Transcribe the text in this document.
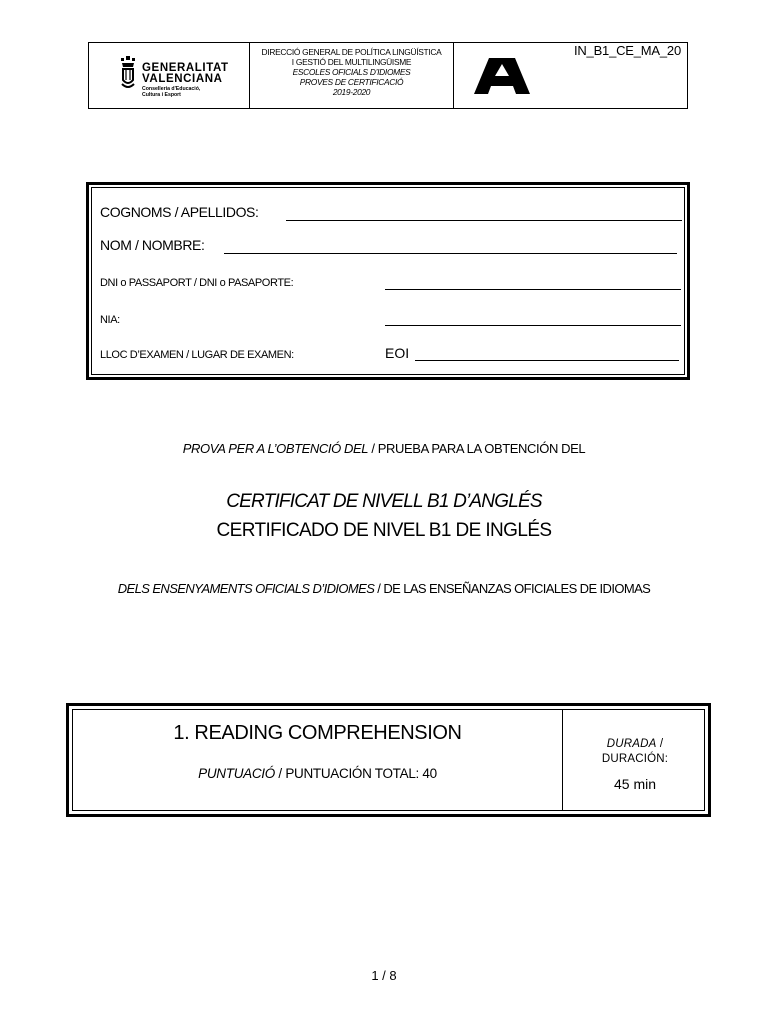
GENERALITAT
VALENCIANA
Conselleria d'Educació,
Cultura i Esport
DIRECCIÓ GENERAL DE POLÍTICA LINGÜÍSTICA
I GESTIÓ DEL MULTILINGÜISME
ESCOLES OFICIALS D’IDIOMES
PROVES DE CERTIFICACIÓ
2019-2020
IN_B1_CE_MA_20
COGNOMS / APELLIDOS:
NOM / NOMBRE:
DNI o PASSAPORT / DNI o PASAPORTE:
NIA:
LLOC D’EXAMEN / LUGAR DE EXAMEN:	EOI
PROVA PER A L’OBTENCIÓ DEL / PRUEBA PARA LA OBTENCIÓN DEL
CERTIFICAT DE NIVELL B1 D’ANGLÉS
CERTIFICADO DE NIVEL B1 DE INGLÉS
DELS ENSENYAMENTS OFICIALS D’IDIOMES / DE LAS ENSEÑANZAS OFICIALES DE IDIOMAS
1. READING COMPREHENSION
PUNTUACIÓ / PUNTUACIÓN TOTAL: 40
DURADA /
DURACIÓN:
45 min
1 / 8
